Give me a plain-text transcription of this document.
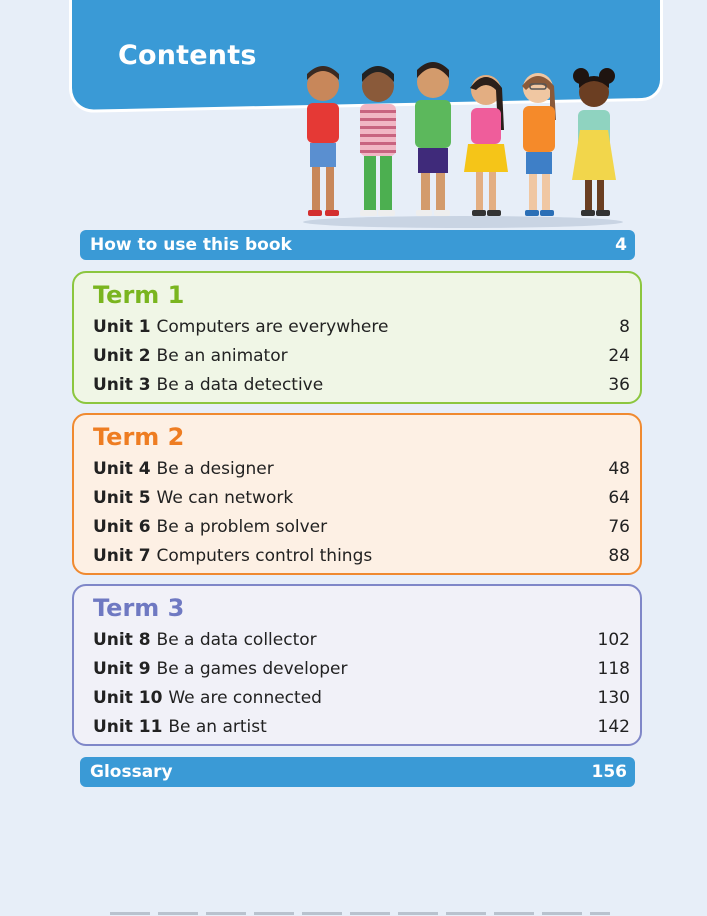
Contents
How to use this book	4
Term 1
Unit 1 Computers are everywhere	8
Unit 2 Be an animator	24
Unit 3 Be a data detective	36
Term 2
Unit 4 Be a designer	48
Unit 5 We can network	64
Unit 6 Be a problem solver	76
Unit 7 Computers control things	88
Term 3
Unit 8 Be a data collector	102
Unit 9 Be a games developer	118
Unit 10 We are connected	130
Unit 11 Be an artist	142
Glossary	156
